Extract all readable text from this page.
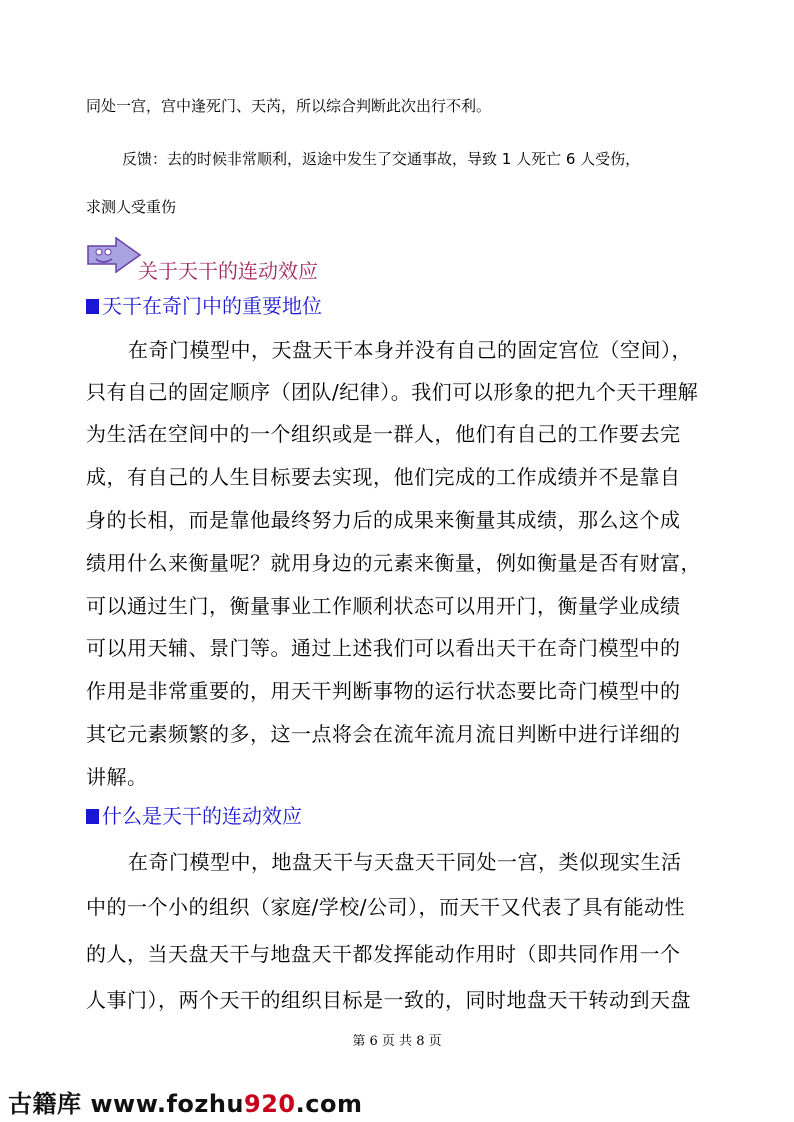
同处一宫，宫中逢死门、天芮，所以综合判断此次出行不利。
反馈：去的时候非常顺利，返途中发生了交通事故，导致 1 人死亡 6 人受伤，
求测人受重伤
关于天干的连动效应
天干在奇门中的重要地位
在奇门模型中，天盘天干本身并没有自己的固定宫位（空间），
只有自己的固定顺序（团队/纪律）。我们可以形象的把九个天干理解
为生活在空间中的一个组织或是一群人，他们有自己的工作要去完
成，有自己的人生目标要去实现，他们完成的工作成绩并不是靠自
身的长相，而是靠他最终努力后的成果来衡量其成绩，那么这个成
绩用什么来衡量呢？就用身边的元素来衡量，例如衡量是否有财富，
可以通过生门，衡量事业工作顺利状态可以用开门，衡量学业成绩
可以用天辅、景门等。通过上述我们可以看出天干在奇门模型中的
作用是非常重要的，用天干判断事物的运行状态要比奇门模型中的
其它元素频繁的多，这一点将会在流年流月流日判断中进行详细的
讲解。
什么是天干的连动效应
在奇门模型中，地盘天干与天盘天干同处一宫，类似现实生活
中的一个小的组织（家庭/学校/公司），而天干又代表了具有能动性
的人，当天盘天干与地盘天干都发挥能动作用时（即共同作用一个
人事门），两个天干的组织目标是一致的，同时地盘天干转动到天盘
第 6 页 共 8 页
古籍库 www.fozhu920.com
